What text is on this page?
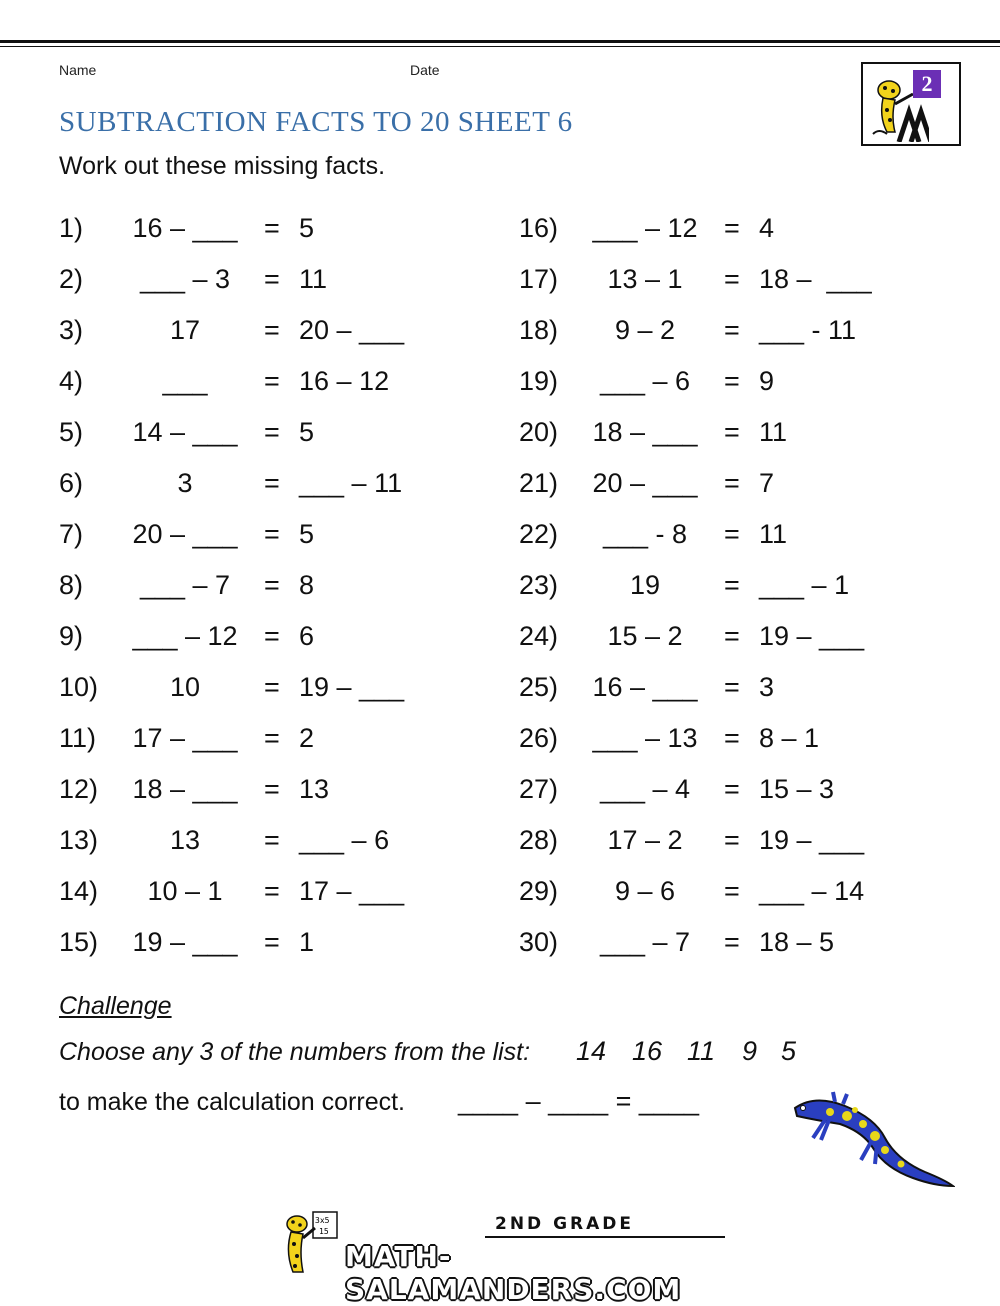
Name	Date
SUBTRACTION FACTS TO 20 SHEET 6
Work out these missing facts.
2
1) 16 – ___ = 5
2)	___ – 3	= 11
3)	17	= 20 – ___
4)	___	= 16 – 12
5) 14 – ___ = 5
6)	3	= ___ – 11
7) 20 – ___ = 5
8)	___ – 7	= 8
9) ___ – 12 = 6
10)	10	= 19 – ___
11) 17 – ___ = 2
12) 18 – ___ = 13
13)	13	= ___ – 6
14)	10 – 1	= 17 – ___
15) 19 – ___ = 1
16) ___ – 12 = 4
17)	13 – 1	= 18 –  ___
18)	9 – 2	= ___ - 11
19)	___ – 6	= 9
20) 18 – ___ = 11
21) 20 – ___ = 7
22)	___ - 8	= 11
23)	19	= ___ – 1
24)	15 – 2	= 19 – ___
25) 16 – ___ = 3
26) ___ – 13 = 8 – 1
27)	___ – 4	= 15 – 3
28)	17 – 2	= 19 – ___
29)	9 – 6	= ___ – 14
30)	___ – 7	= 18 – 5
Challenge
Choose any 3 of the numbers from the list: 14 16 11 9 5
to make the calculation correct. ____ – ____ = ____
3x5
15	2ND GRADE
MATH-SALAMANDERS.COM
